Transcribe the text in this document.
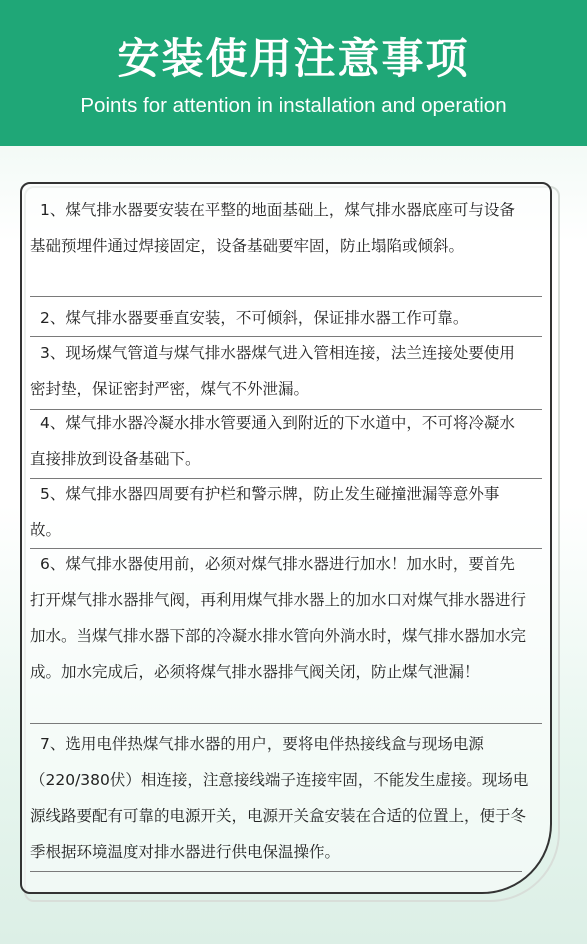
安装使用注意事项
Points for attention in installation and operation
1、煤气排水器要安装在平整的地面基础上，煤气排水器底座可与设备基础预埋件通过焊接固定，设备基础要牢固，防止塌陷或倾斜。
2、煤气排水器要垂直安装，不可倾斜，保证排水器工作可靠。
3、现场煤气管道与煤气排水器煤气进入管相连接，法兰连接处要使用密封垫，保证密封严密，煤气不外泄漏。
4、煤气排水器冷凝水排水管要通入到附近的下水道中，不可将冷凝水直接排放到设备基础下。
5、煤气排水器四周要有护栏和警示牌，防止发生碰撞泄漏等意外事故。
6、煤气排水器使用前，必须对煤气排水器进行加水！加水时，要首先打开煤气排水器排气阀，再利用煤气排水器上的加水口对煤气排水器进行加水。当煤气排水器下部的冷凝水排水管向外淌水时，煤气排水器加水完成。加水完成后，必须将煤气排水器排气阀关闭，防止煤气泄漏！
7、选用电伴热煤气排水器的用户，要将电伴热接线盒与现场电源（220/380伏）相连接，注意接线端子连接牢固，不能发生虚接。现场电源线路要配有可靠的电源开关，电源开关盒安装在合适的位置上，便于冬季根据环境温度对排水器进行供电保温操作。
